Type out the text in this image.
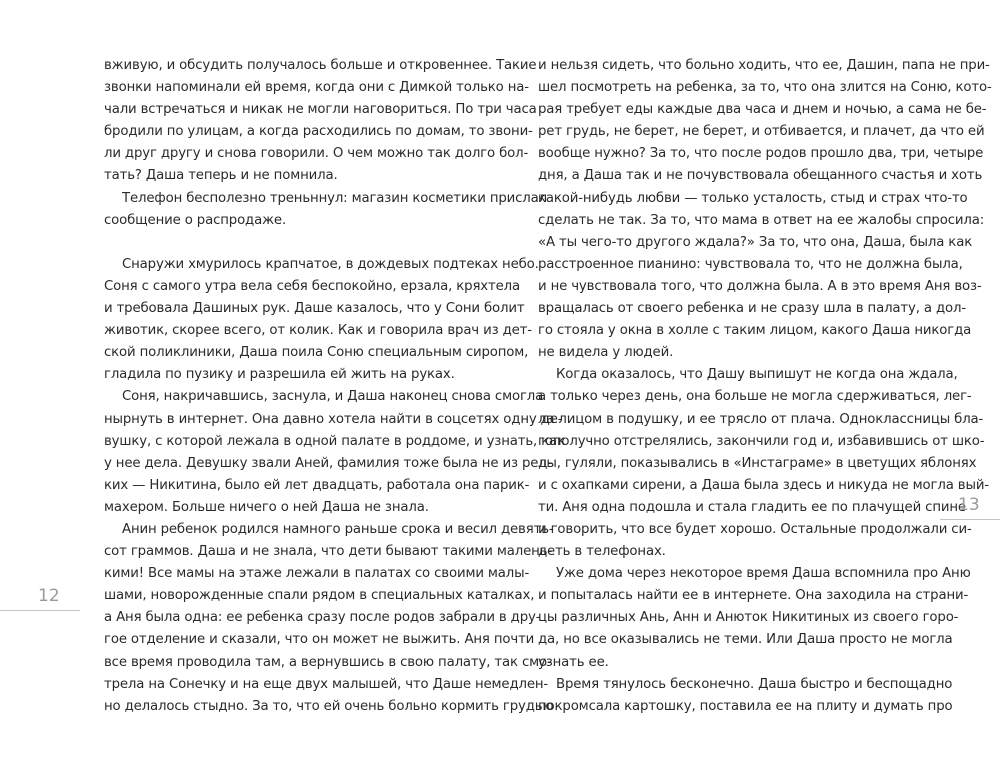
вживую, и обсудить получалось больше и откровеннее. Такие
звонки напоминали ей время, когда они с Димкой только на-
чали встречаться и никак не могли наговориться. По три часа
бродили по улицам, а когда расходились по домам, то звони-
ли друг другу и снова говорили. О чем можно так долго бол-
тать? Даша теперь и не помнила.
Телефон бесполезно треньннул: магазин косметики прислал
сообщение о распродаже.
Снаружи хмурилось крапчатое, в дождевых подтеках небо.
Соня с самого утра вела себя беспокойно, ерзала, кряхтела
и требовала Дашиных рук. Даше казалось, что у Сони болит
животик, скорее всего, от колик. Как и говорила врач из дет-
ской поликлиники, Даша поила Соню специальным сиропом,
гладила по пузику и разрешила ей жить на руках.
Соня, накричавшись, заснула, и Даша наконец снова смогла
нырнуть в интернет. Она давно хотела найти в соцсетях одну де-
вушку, с которой лежала в одной палате в роддоме, и узнать, как
у нее дела. Девушку звали Аней, фамилия тоже была не из ред-
ких — Никитина, было ей лет двадцать, работала она парик-
махером. Больше ничего о ней Даша не знала.
Анин ребенок родился намного раньше срока и весил девять-
сот граммов. Даша и не знала, что дети бывают такими малень-
кими! Все мамы на этаже лежали в палатах со своими малы-
шами, новорожденные спали рядом в специальных каталках,
а Аня была одна: ее ребенка сразу после родов забрали в дру-
гое отделение и сказали, что он может не выжить. Аня почти
все время проводила там, а вернувшись в свою палату, так смо-
трела на Сонечку и на еще двух малышей, что Даше немедлен-
но делалось стыдно. За то, что ей очень больно кормить грудью
и нельзя сидеть, что больно ходить, что ее, Дашин, папа не при-
шел посмотреть на ребенка, за то, что она злится на Соню, кото-
рая требует еды каждые два часа и днем и ночью, а сама не бе-
рет грудь, не берет, не берет, и отбивается, и плачет, да что ей
вообще нужно? За то, что после родов прошло два, три, четыре
дня, а Даша так и не почувствовала обещанного счастья и хоть
какой-нибудь любви — только усталость, стыд и страх что-то
сделать не так. За то, что мама в ответ на ее жалобы спросила:
«А ты чего-то другого ждала?» За то, что она, Даша, была как
расстроенное пианино: чувствовала то, что не должна была,
и не чувствовала того, что должна была. А в это время Аня воз-
вращалась от своего ребенка и не сразу шла в палату, а дол-
го стояла у окна в холле с таким лицом, какого Даша никогда
не видела у людей.
Когда оказалось, что Дашу выпишут не когда она ждала,
а только через день, она больше не могла сдерживаться, лег-
ла лицом в подушку, и ее трясло от плача. Одноклассницы бла-
гополучно отстрелялись, закончили год и, избавившись от шко-
лы, гуляли, показывались в «Инстаграме» в цветущих яблонях
и с охапками сирени, а Даша была здесь и никуда не могла вый-
ти. Аня одна подошла и стала гладить ее по плачущей спине
и говорить, что все будет хорошо. Остальные продолжали си-
деть в телефонах.
Уже дома через некоторое время Даша вспомнила про Аню
и попыталась найти ее в интернете. Она заходила на страни-
цы различных Ань, Анн и Анюток Никитиных из своего горо-
да, но все оказывались не теми. Или Даша просто не могла
узнать ее.
Время тянулось бесконечно. Даша быстро и беспощадно
покромсала картошку, поставила ее на плиту и думать про
12
13
